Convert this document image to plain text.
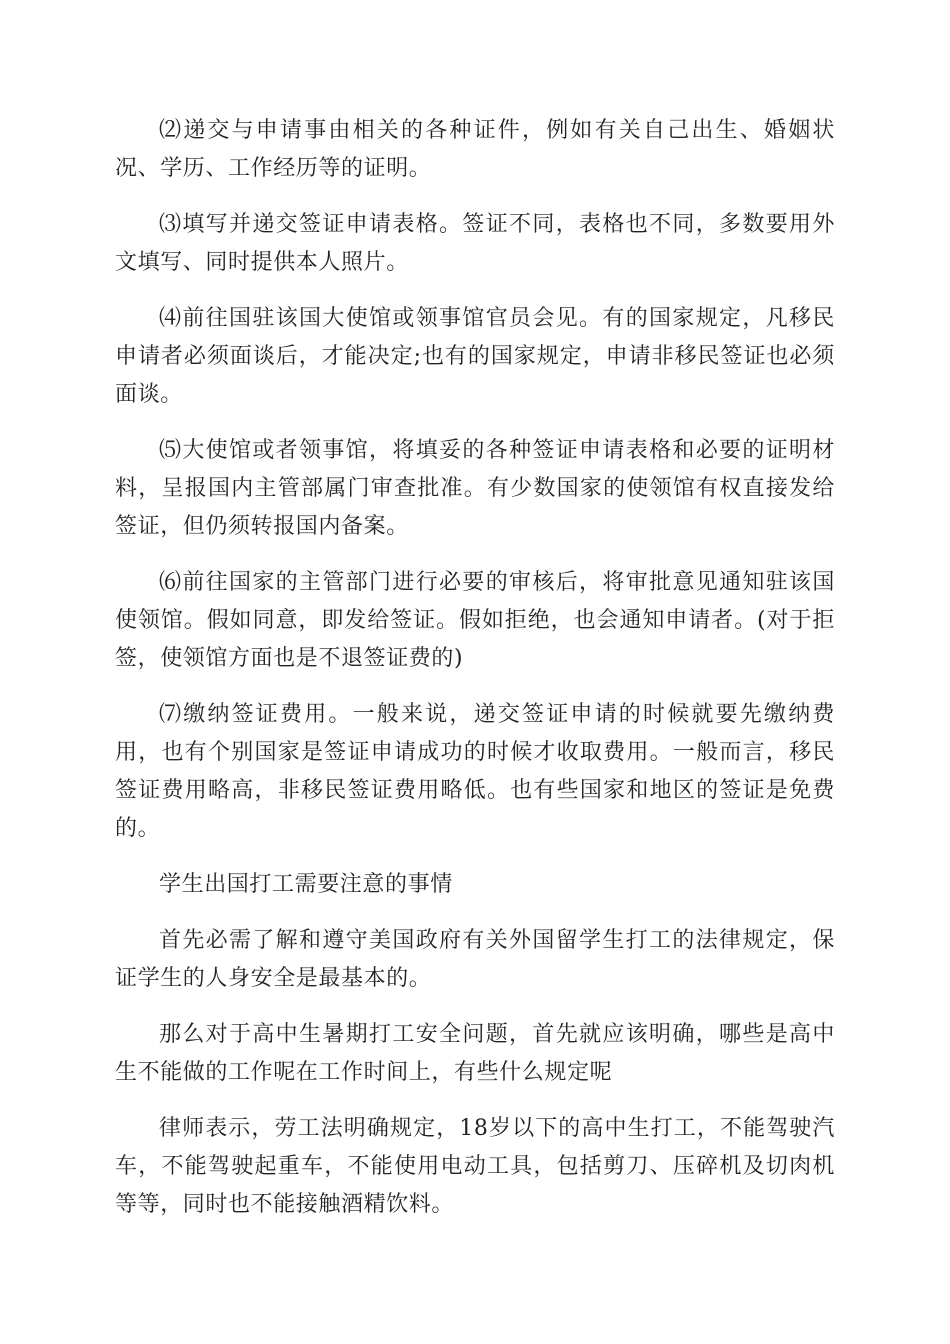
⑵递交与申请事由相关的各种证件，例如有关自己出生、婚姻状况、学历、工作经历等的证明。

⑶填写并递交签证申请表格。签证不同，表格也不同，多数要用外文填写、同时提供本人照片。

⑷前往国驻该国大使馆或领事馆官员会见。有的国家规定，凡移民申请者必须面谈后，才能决定;也有的国家规定，申请非移民签证也必须面谈。

⑸大使馆或者领事馆，将填妥的各种签证申请表格和必要的证明材料，呈报国内主管部属门审查批准。有少数国家的使领馆有权直接发给签证，但仍须转报国内备案。

⑹前往国家的主管部门进行必要的审核后，将审批意见通知驻该国使领馆。假如同意，即发给签证。假如拒绝，也会通知申请者。(对于拒签，使领馆方面也是不退签证费的)

⑺缴纳签证费用。一般来说，递交签证申请的时候就要先缴纳费用，也有个别国家是签证申请成功的时候才收取费用。一般而言，移民签证费用略高，非移民签证费用略低。也有些国家和地区的签证是免费的。

学生出国打工需要注意的事情

首先必需了解和遵守美国政府有关外国留学生打工的法律规定，保证学生的人身安全是最基本的。

那么对于高中生暑期打工安全问题，首先就应该明确，哪些是高中生不能做的工作呢在工作时间上，有些什么规定呢

律师表示，劳工法明确规定，18岁以下的高中生打工，不能驾驶汽车，不能驾驶起重车，不能使用电动工具，包括剪刀、压碎机及切肉机等等，同时也不能接触酒精饮料。
